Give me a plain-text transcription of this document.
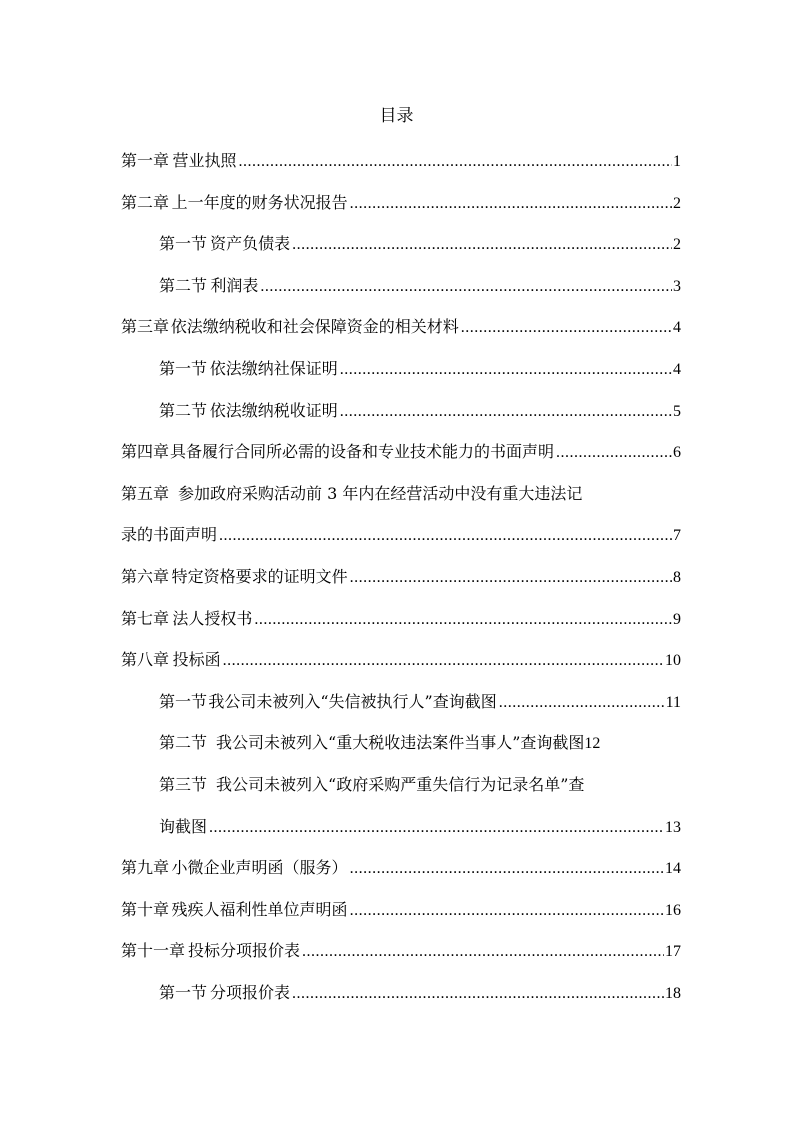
目录
第一章 营业执照 .....	1
第二章 上一年度的财务状况报告 .....	2
第一节 资产负债表 .....	2
第二节 利润表 .....	3
第三章 依法缴纳税收和社会保障资金的相关材料 .....	4
第一节 依法缴纳社保证明 .....	4
第二节 依法缴纳税收证明 .....	5
第四章 具备履行合同所必需的设备和专业技术能力的书面声明 .....	6
第五章 参加政府采购活动前 3 年内在经营活动中没有重大违法记
录的书面声明 .....	7
第六章 特定资格要求的证明文件 .....	8
第七章 法人授权书 .....	9
第八章 投标函 .....	10
第一节 我公司未被列入“失信被执行人”查询截图 .....	11
第二节 我公司未被列入“重大税收违法案件当事人”查询截图 12
第三节 我公司未被列入“政府采购严重失信行为记录名单”查
询截图 .....	13
第九章 小微企业声明函（服务） .....	14
第十章 残疾人福利性单位声明函 .....	16
第十一章 投标分项报价表 .....	17
第一节 分项报价表 .....	18
